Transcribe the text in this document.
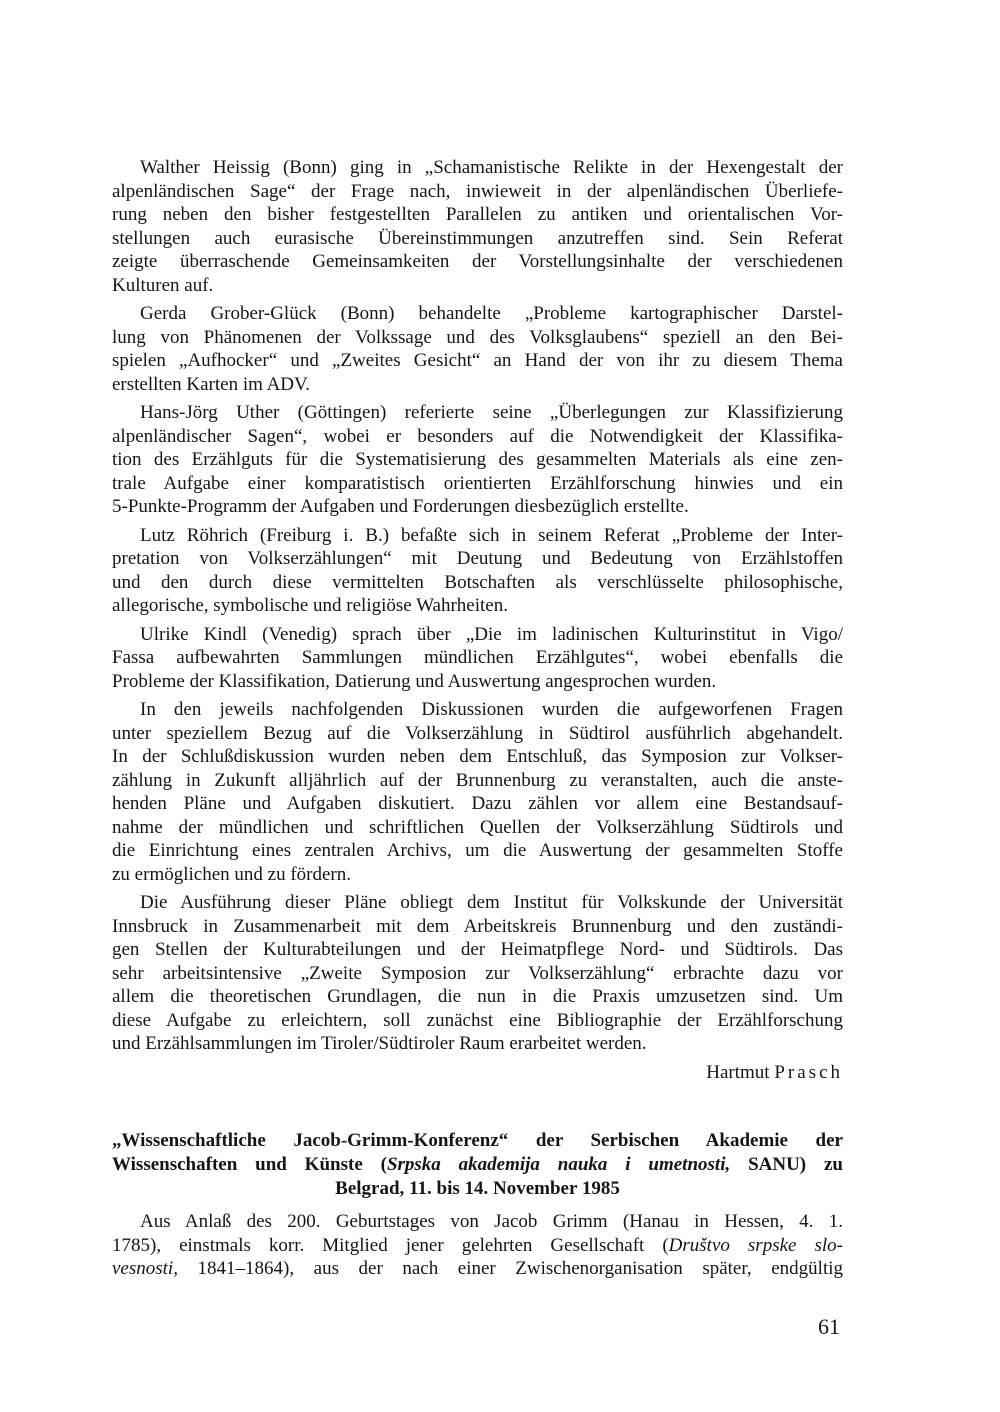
Walther Heissig (Bonn) ging in „Schamanistische Relikte in der Hexengestalt der
alpenländischen Sage“ der Frage nach, inwieweit in der alpenländischen Überliefe-
rung neben den bisher festgestellten Parallelen zu antiken und orientalischen Vor-
stellungen auch eurasische Übereinstimmungen anzutreffen sind. Sein Referat
zeigte überraschende Gemeinsamkeiten der Vorstellungsinhalte der verschiedenen
Kulturen auf.

Gerda Grober-Glück (Bonn) behandelte „Probleme kartographischer Darstel-
lung von Phänomenen der Volkssage und des Volksglaubens“ speziell an den Bei-
spielen „Aufhocker“ und „Zweites Gesicht“ an Hand der von ihr zu diesem Thema
erstellten Karten im ADV.

Hans-Jörg Uther (Göttingen) referierte seine „Überlegungen zur Klassifizierung
alpenländischer Sagen“, wobei er besonders auf die Notwendigkeit der Klassifika-
tion des Erzählguts für die Systematisierung des gesammelten Materials als eine zen-
trale Aufgabe einer komparatistisch orientierten Erzählforschung hinwies und ein
5-Punkte-Programm der Aufgaben und Forderungen diesbezüglich erstellte.

Lutz Röhrich (Freiburg i. B.) befaßte sich in seinem Referat „Probleme der Inter-
pretation von Volkserzählungen“ mit Deutung und Bedeutung von Erzählstoffen
und den durch diese vermittelten Botschaften als verschlüsselte philosophische,
allegorische, symbolische und religiöse Wahrheiten.

Ulrike Kindl (Venedig) sprach über „Die im ladinischen Kulturinstitut in Vigo/
Fassa aufbewahrten Sammlungen mündlichen Erzählgutes“, wobei ebenfalls die
Probleme der Klassifikation, Datierung und Auswertung angesprochen wurden.

In den jeweils nachfolgenden Diskussionen wurden die aufgeworfenen Fragen
unter speziellem Bezug auf die Volkserzählung in Südtirol ausführlich abgehandelt.
In der Schlußdiskussion wurden neben dem Entschluß, das Symposion zur Volkser-
zählung in Zukunft alljährlich auf der Brunnenburg zu veranstalten, auch die anste-
henden Pläne und Aufgaben diskutiert. Dazu zählen vor allem eine Bestandsauf-
nahme der mündlichen und schriftlichen Quellen der Volkserzählung Südtirols und
die Einrichtung eines zentralen Archivs, um die Auswertung der gesammelten Stoffe
zu ermöglichen und zu fördern.

Die Ausführung dieser Pläne obliegt dem Institut für Volkskunde der Universität
Innsbruck in Zusammenarbeit mit dem Arbeitskreis Brunnenburg und den zuständi-
gen Stellen der Kulturabteilungen und der Heimatpflege Nord- und Südtirols. Das
sehr arbeitsintensive „Zweite Symposion zur Volkserzählung“ erbrachte dazu vor
allem die theoretischen Grundlagen, die nun in die Praxis umzusetzen sind. Um
diese Aufgabe zu erleichtern, soll zunächst eine Bibliographie der Erzählforschung
und Erzählsammlungen im Tiroler/Südtiroler Raum erarbeitet werden.

Hartmut Prasch

„Wissenschaftliche Jacob-Grimm-Konferenz“ der Serbischen Akademie der
Wissenschaften und Künste (Srpska akademija nauka i umetnosti, SANU) zu
Belgrad, 11. bis 14. November 1985

Aus Anlaß des 200. Geburtstages von Jacob Grimm (Hanau in Hessen, 4. 1.
1785), einstmals korr. Mitglied jener gelehrten Gesellschaft (Društvo srpske slo-
vesnosti, 1841–1864), aus der nach einer Zwischenorganisation später, endgültig

61
